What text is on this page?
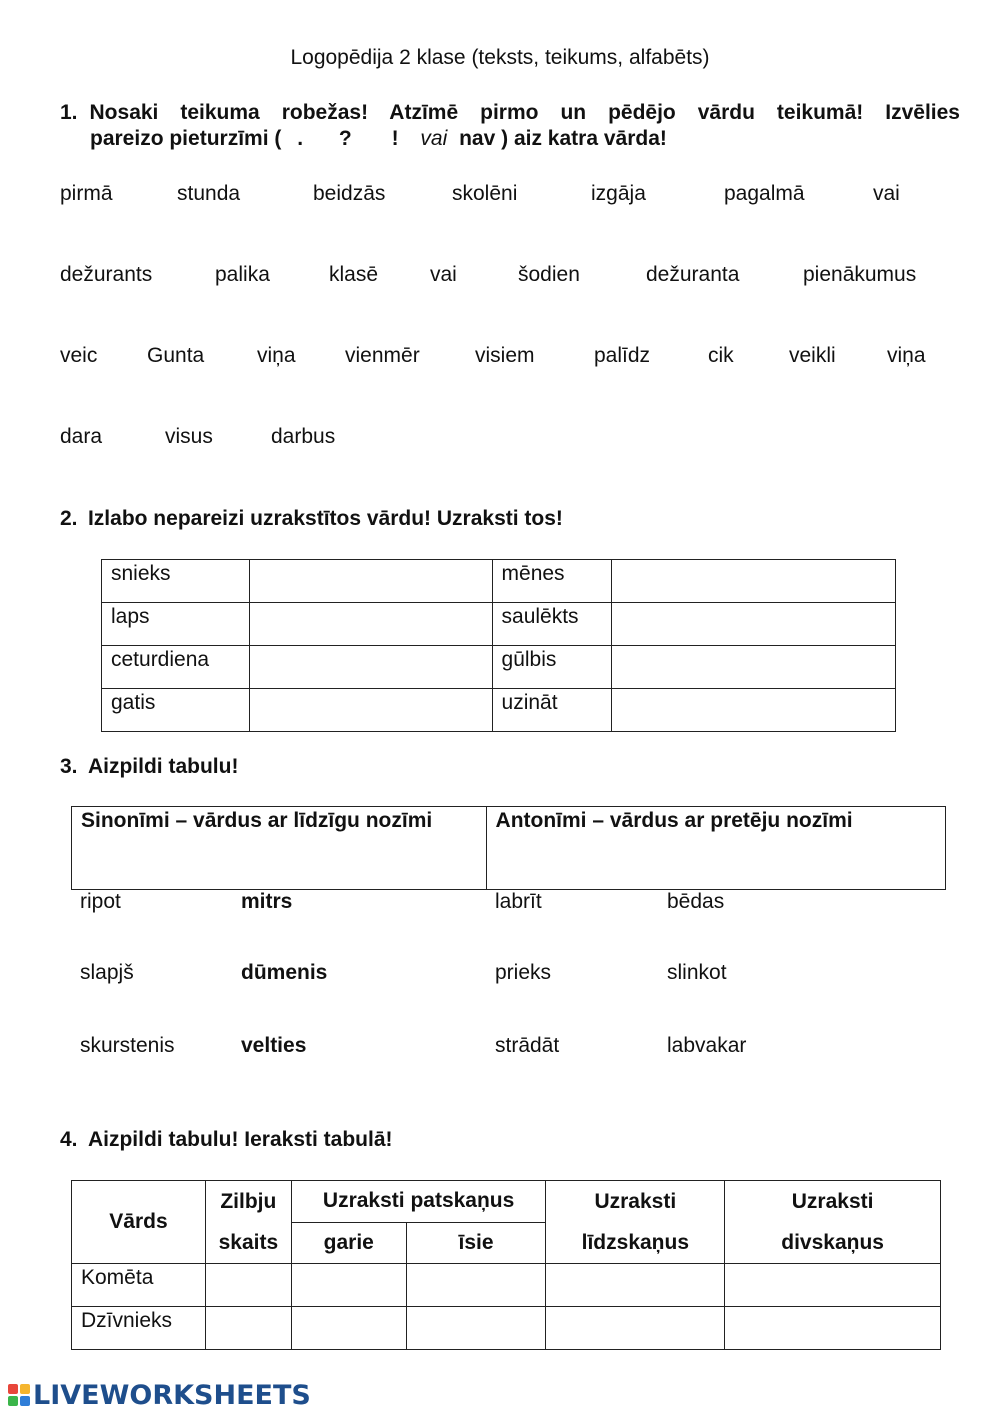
Logopēdija 2 klase (teksts, teikums, alfabēts)
1. Nosaki teikuma robežas! Atzīmē pirmo un pēdējo vārdu teikumā! Izvēlies
pareizo pieturzīmi ( . ? ! vai nav ) aiz katra vārda!
pirmā	stunda	beidzās	skolēni	izgāja	pagalmā	vai
dežurants	palika	klasē vai	šodien	dežuranta	pienākumus
veic Gunta	viņa vienmēr	visiem	palīdz	cik	veikli viņa
dara	visus	darbus
2. Izlabo nepareizi uzrakstītos vārdu! Uzraksti tos!
snieks		mēnes	
laps		saulēkts	
ceturdiena		gūlbis	
gatis		uzināt	
3. Aizpildi tabulu!
Sinonīmi – vārdus ar līdzīgu nozīmi	Antonīmi – vārdus ar pretēju nozīmi
ripot	mitrs	labrīt	bēdas
slapjš	dūmenis	prieks	slinkot
skurstenis	velties	strādāt	labvakar
4. Aizpildi tabulu! Ieraksti tabulā!
Vārds	Zilbju	Uzraksti patskaņus		Uzraksti	Uzraksti
	skaits	garie	īsie	līdzskaņus	divskaņus
Komēta					
Dzīvnieks					
LIVEWORKSHEETS
